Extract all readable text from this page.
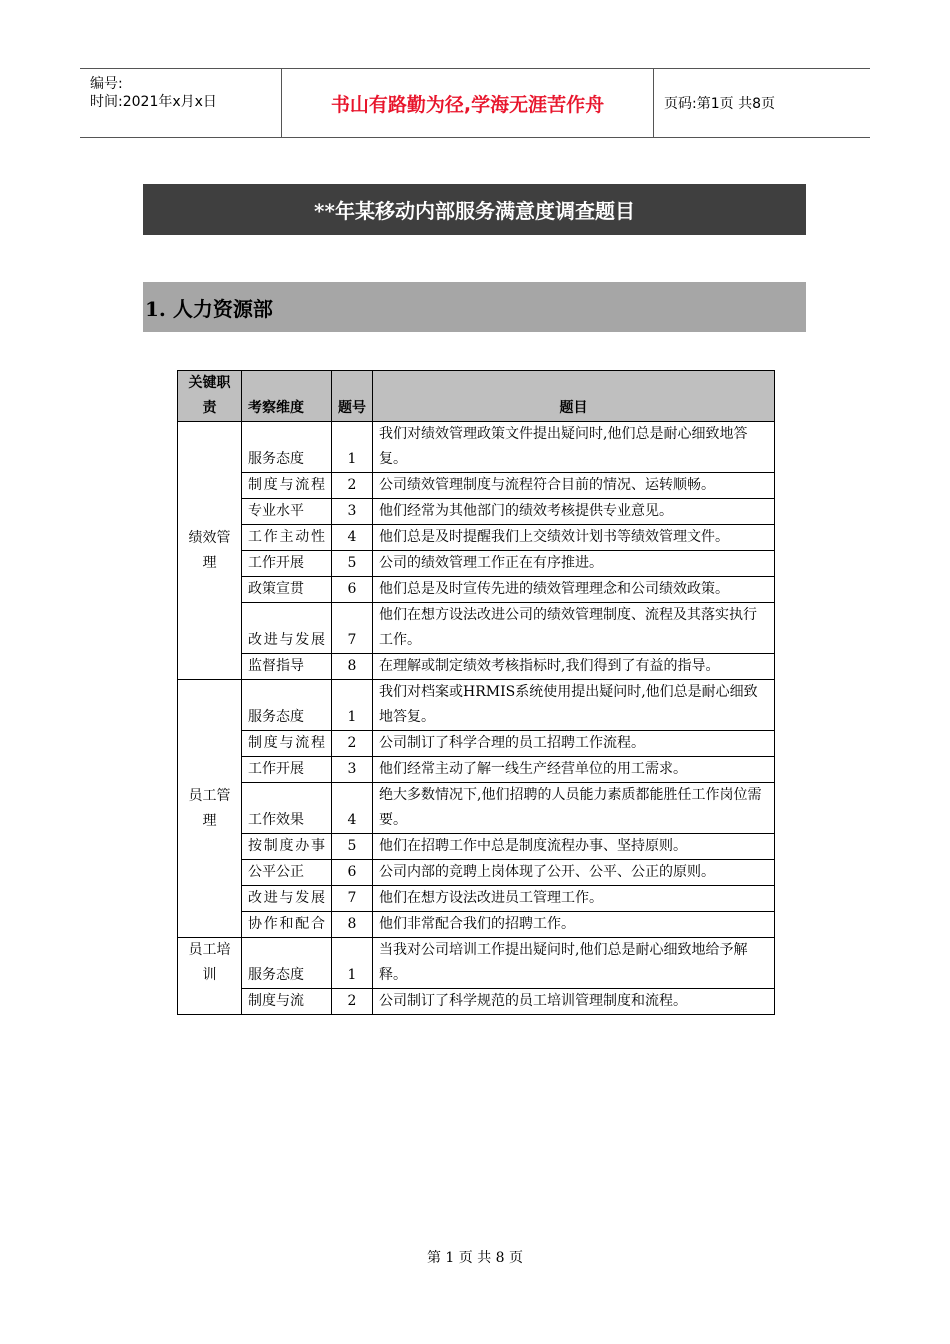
编号:
时间:2021年x月x日	书山有路勤为径,学海无涯苦作舟	页码:第1页 共8页
**年某移动内部服务满意度调查题目
1. 人力资源部
关键职责	考察维度	题号	题目
绩效管理	服务态度	1	我们对绩效管理政策文件提出疑问时,他们总是耐心细致地答复。
	制度与流程	2	公司绩效管理制度与流程符合目前的情况、运转顺畅。
	专业水平	3	他们经常为其他部门的绩效考核提供专业意见。
	工作主动性	4	他们总是及时提醒我们上交绩效计划书等绩效管理文件。
	工作开展	5	公司的绩效管理工作正在有序推进。
	政策宣贯	6	他们总是及时宣传先进的绩效管理理念和公司绩效政策。
	改进与发展	7	他们在想方设法改进公司的绩效管理制度、流程及其落实执行工作。
	监督指导	8	在理解或制定绩效考核指标时,我们得到了有益的指导。
员工管理	服务态度	1	我们对档案或HRMIS系统使用提出疑问时,他们总是耐心细致地答复。
	制度与流程	2	公司制订了科学合理的员工招聘工作流程。
	工作开展	3	他们经常主动了解一线生产经营单位的用工需求。
	工作效果	4	绝大多数情况下,他们招聘的人员能力素质都能胜任工作岗位需要。
	按制度办事	5	他们在招聘工作中总是制度流程办事、坚持原则。
	公平公正	6	公司内部的竞聘上岗体现了公开、公平、公正的原则。
	改进与发展	7	他们在想方设法改进员工管理工作。
	协作和配合	8	他们非常配合我们的招聘工作。
员工培训	服务态度	1	当我对公司培训工作提出疑问时,他们总是耐心细致地给予解释。
	制度与流	2	公司制订了科学规范的员工培训管理制度和流程。
第 1 页 共 8 页
